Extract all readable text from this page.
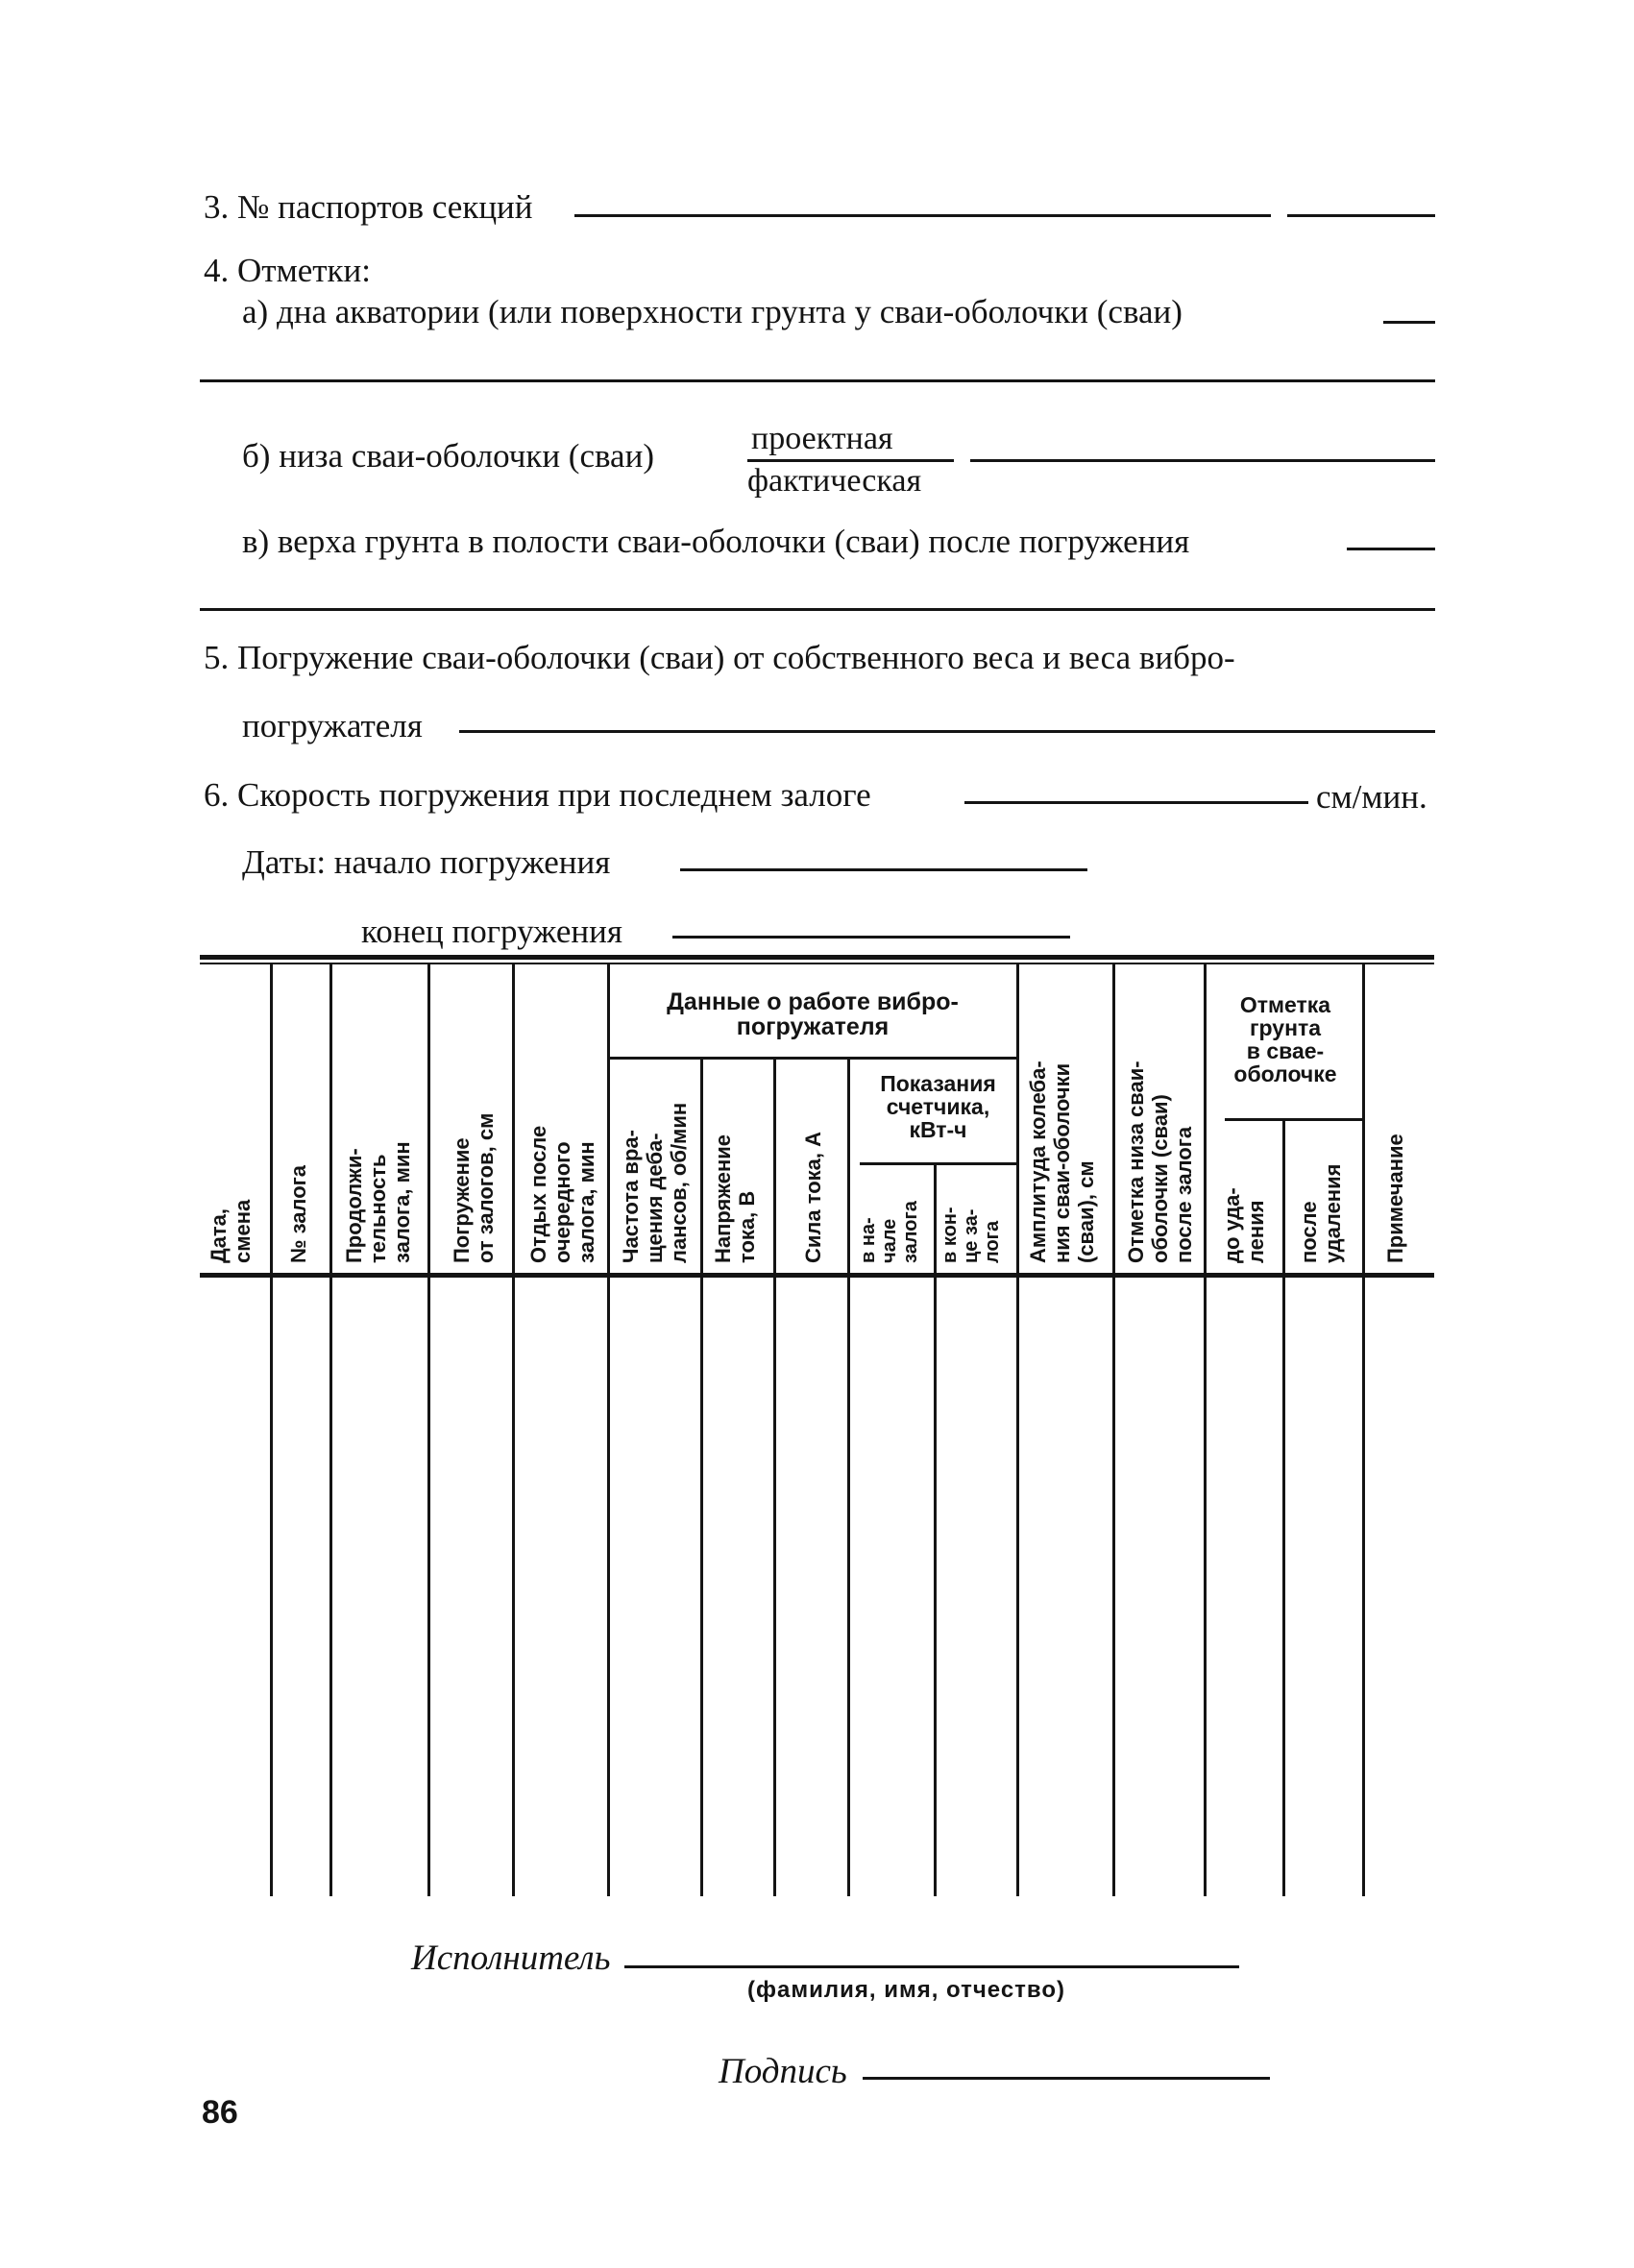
3. № паспортов секций
4. Отметки:
а) дна акватории (или поверхности грунта у сваи-оболочки (сваи)
б) низа сваи-оболочки (сваи)	проектная
фактическая
в) верха грунта в полости сваи-оболочки (сваи) после погружения
5. Погружение сваи-оболочки (сваи) от собственного веса и веса вибро-
погружателя
6. Скорость погружения при последнем залоге	см/мин.
Даты: начало погружения
конец погружения
Данные о работе вибро-
погружателя
Показания
счетчика,
кВт-ч
Отметка
грунта
в сваe-
оболочке
Дата,
смена № залога Продолжи-
тельность
залога, мин Погружение
от залогов, см
Отдых после
очередного
залога, мин
Частота вра-
щения деба-
лансов, об/мин Напряжение
тока, В Сила тока, А в на-
чале
залога в кон-
це за-
лога Амплитуда колеба-
ния сваи-оболочки
(сваи), см
Отметка низа сваи-
оболочки (сваи)
после залога
до уда-
ления после
удаления Примечание
Исполнитель
(фамилия, имя, отчество)
Подпись
86
